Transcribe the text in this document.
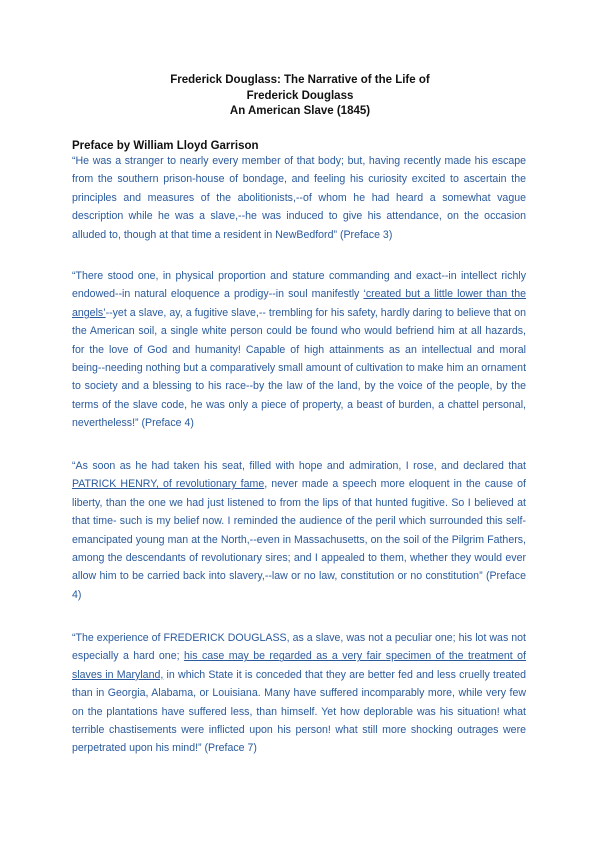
Frederick Douglass: The Narrative of the Life of
Frederick Douglass
An American Slave (1845)
Preface by William Lloyd Garrison
“He was a stranger to nearly every member of that body; but, having recently made his escape from the southern prison-house of bondage, and feeling his curiosity excited to ascertain the principles and measures of the abolitionists,--of whom he had heard a somewhat vague description while he was a slave,--he was induced to give his attendance, on the occasion alluded to, though at that time a resident in NewBedford” (Preface 3)
“There stood one, in physical proportion and stature commanding and exact--in intellect richly endowed--in natural eloquence a prodigy--in soul manifestly ‘created but a little lower than the angels’--yet a slave, ay, a fugitive slave,-- trembling for his safety, hardly daring to believe that on the American soil, a single white person could be found who would befriend him at all hazards, for the love of God and humanity! Capable of high attainments as an intellectual and moral being--needing nothing but a comparatively small amount of cultivation to make him an ornament to society and a blessing to his race--by the law of the land, by the voice of the people, by the terms of the slave code, he was only a piece of property, a beast of burden, a chattel personal, nevertheless!” (Preface 4)
“As soon as he had taken his seat, filled with hope and admiration, I rose, and declared that PATRICK HENRY, of revolutionary fame, never made a speech more eloquent in the cause of liberty, than the one we had just listened to from the lips of that hunted fugitive. So I believed at that time- such is my belief now. I reminded the audience of the peril which surrounded this self-emancipated young man at the North,--even in Massachusetts, on the soil of the Pilgrim Fathers, among the descendants of revolutionary sires; and I appealed to them, whether they would ever allow him to be carried back into slavery,--law or no law, constitution or no constitution” (Preface 4)
“The experience of FREDERICK DOUGLASS, as a slave, was not a peculiar one; his lot was not especially a hard one; his case may be regarded as a very fair specimen of the treatment of slaves in Maryland, in which State it is conceded that they are better fed and less cruelly treated than in Georgia, Alabama, or Louisiana. Many have suffered incomparably more, while very few on the plantations have suffered less, than himself. Yet how deplorable was his situation! what terrible chastisements were inflicted upon his person! what still more shocking outrages were perpetrated upon his mind!” (Preface 7)
